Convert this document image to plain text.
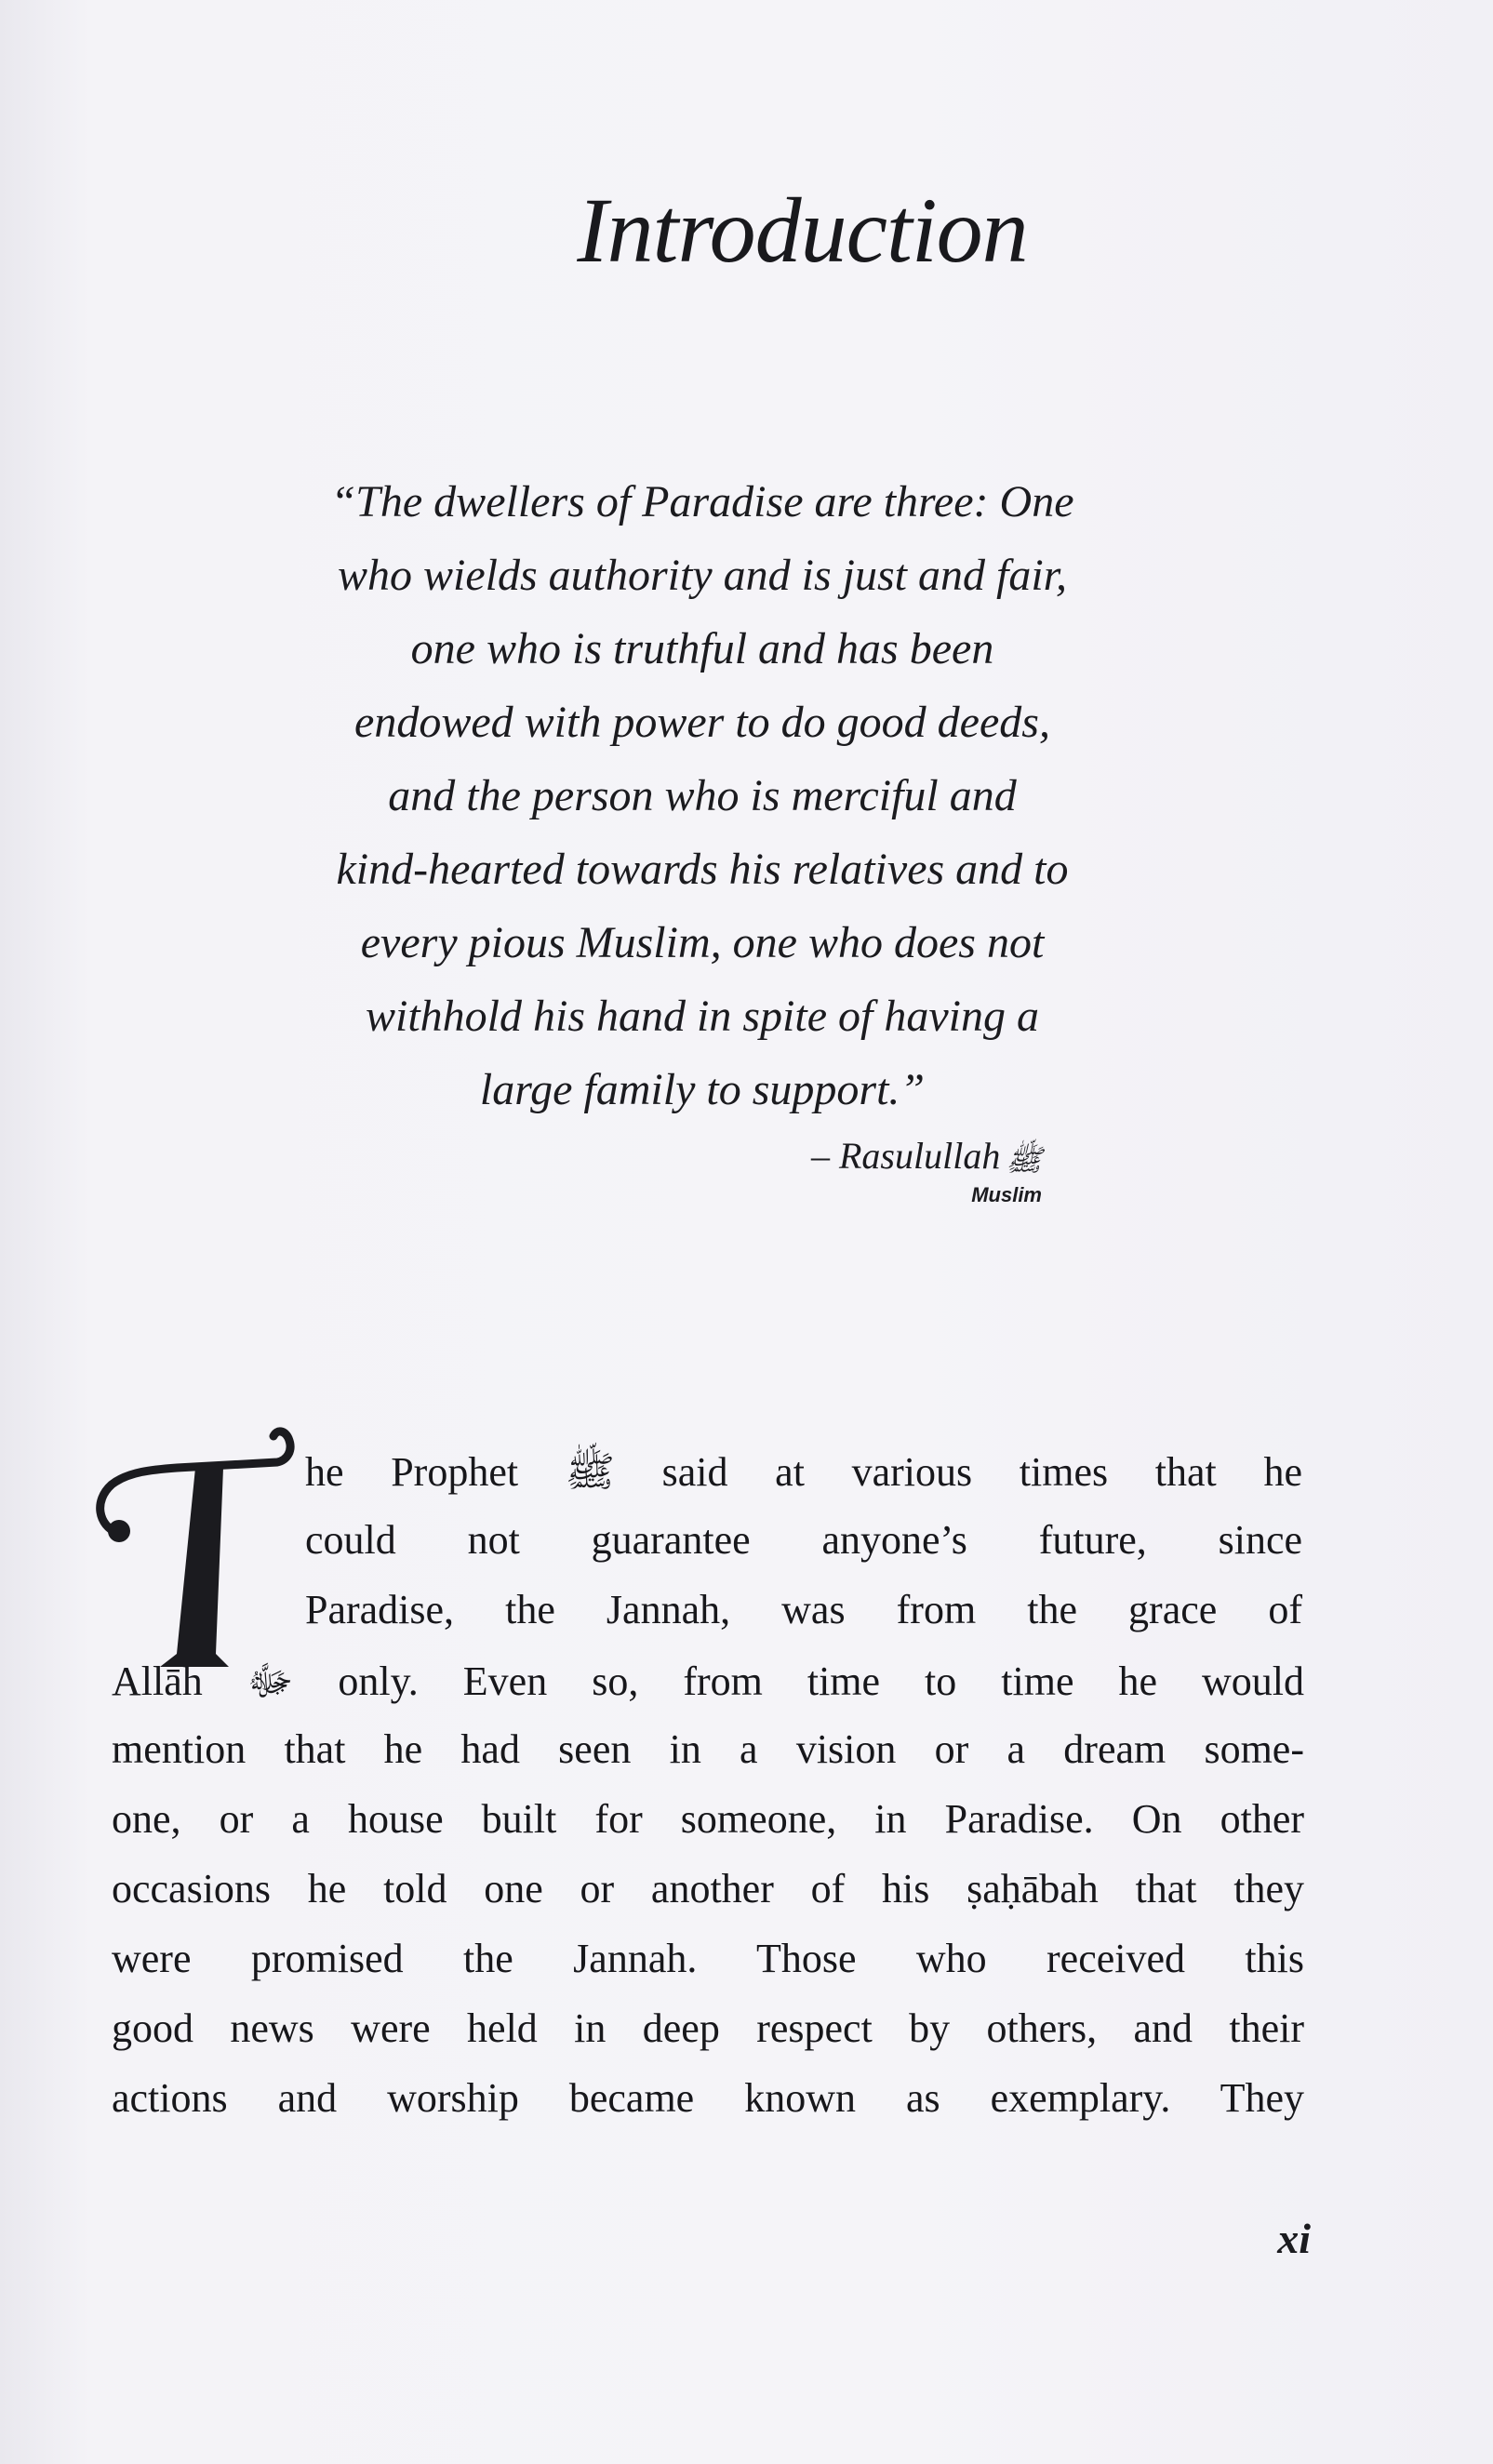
Introduction
“The dwellers of Paradise are three: One
who wields authority and is just and fair,
one who is truthful and has been
endowed with power to do good deeds,
and the person who is merciful and
kind-hearted towards his relatives and to
every pious Muslim, one who does not
withhold his hand in spite of having a
large family to support.”
– Rasulullah ﷺ
Muslim
T
he Prophet ﷺ said at various times that he
could not guarantee anyone’s future, since
Paradise, the Jannah, was from the grace of
Allāh ﷻ only. Even so, from time to time he would
mention that he had seen in a vision or a dream some-
one, or a house built for someone, in Paradise. On other
occasions he told one or another of his ṣaḥābah that they
were promised the Jannah. Those who received this
good news were held in deep respect by others, and their
actions and worship became known as exemplary. They
xi
